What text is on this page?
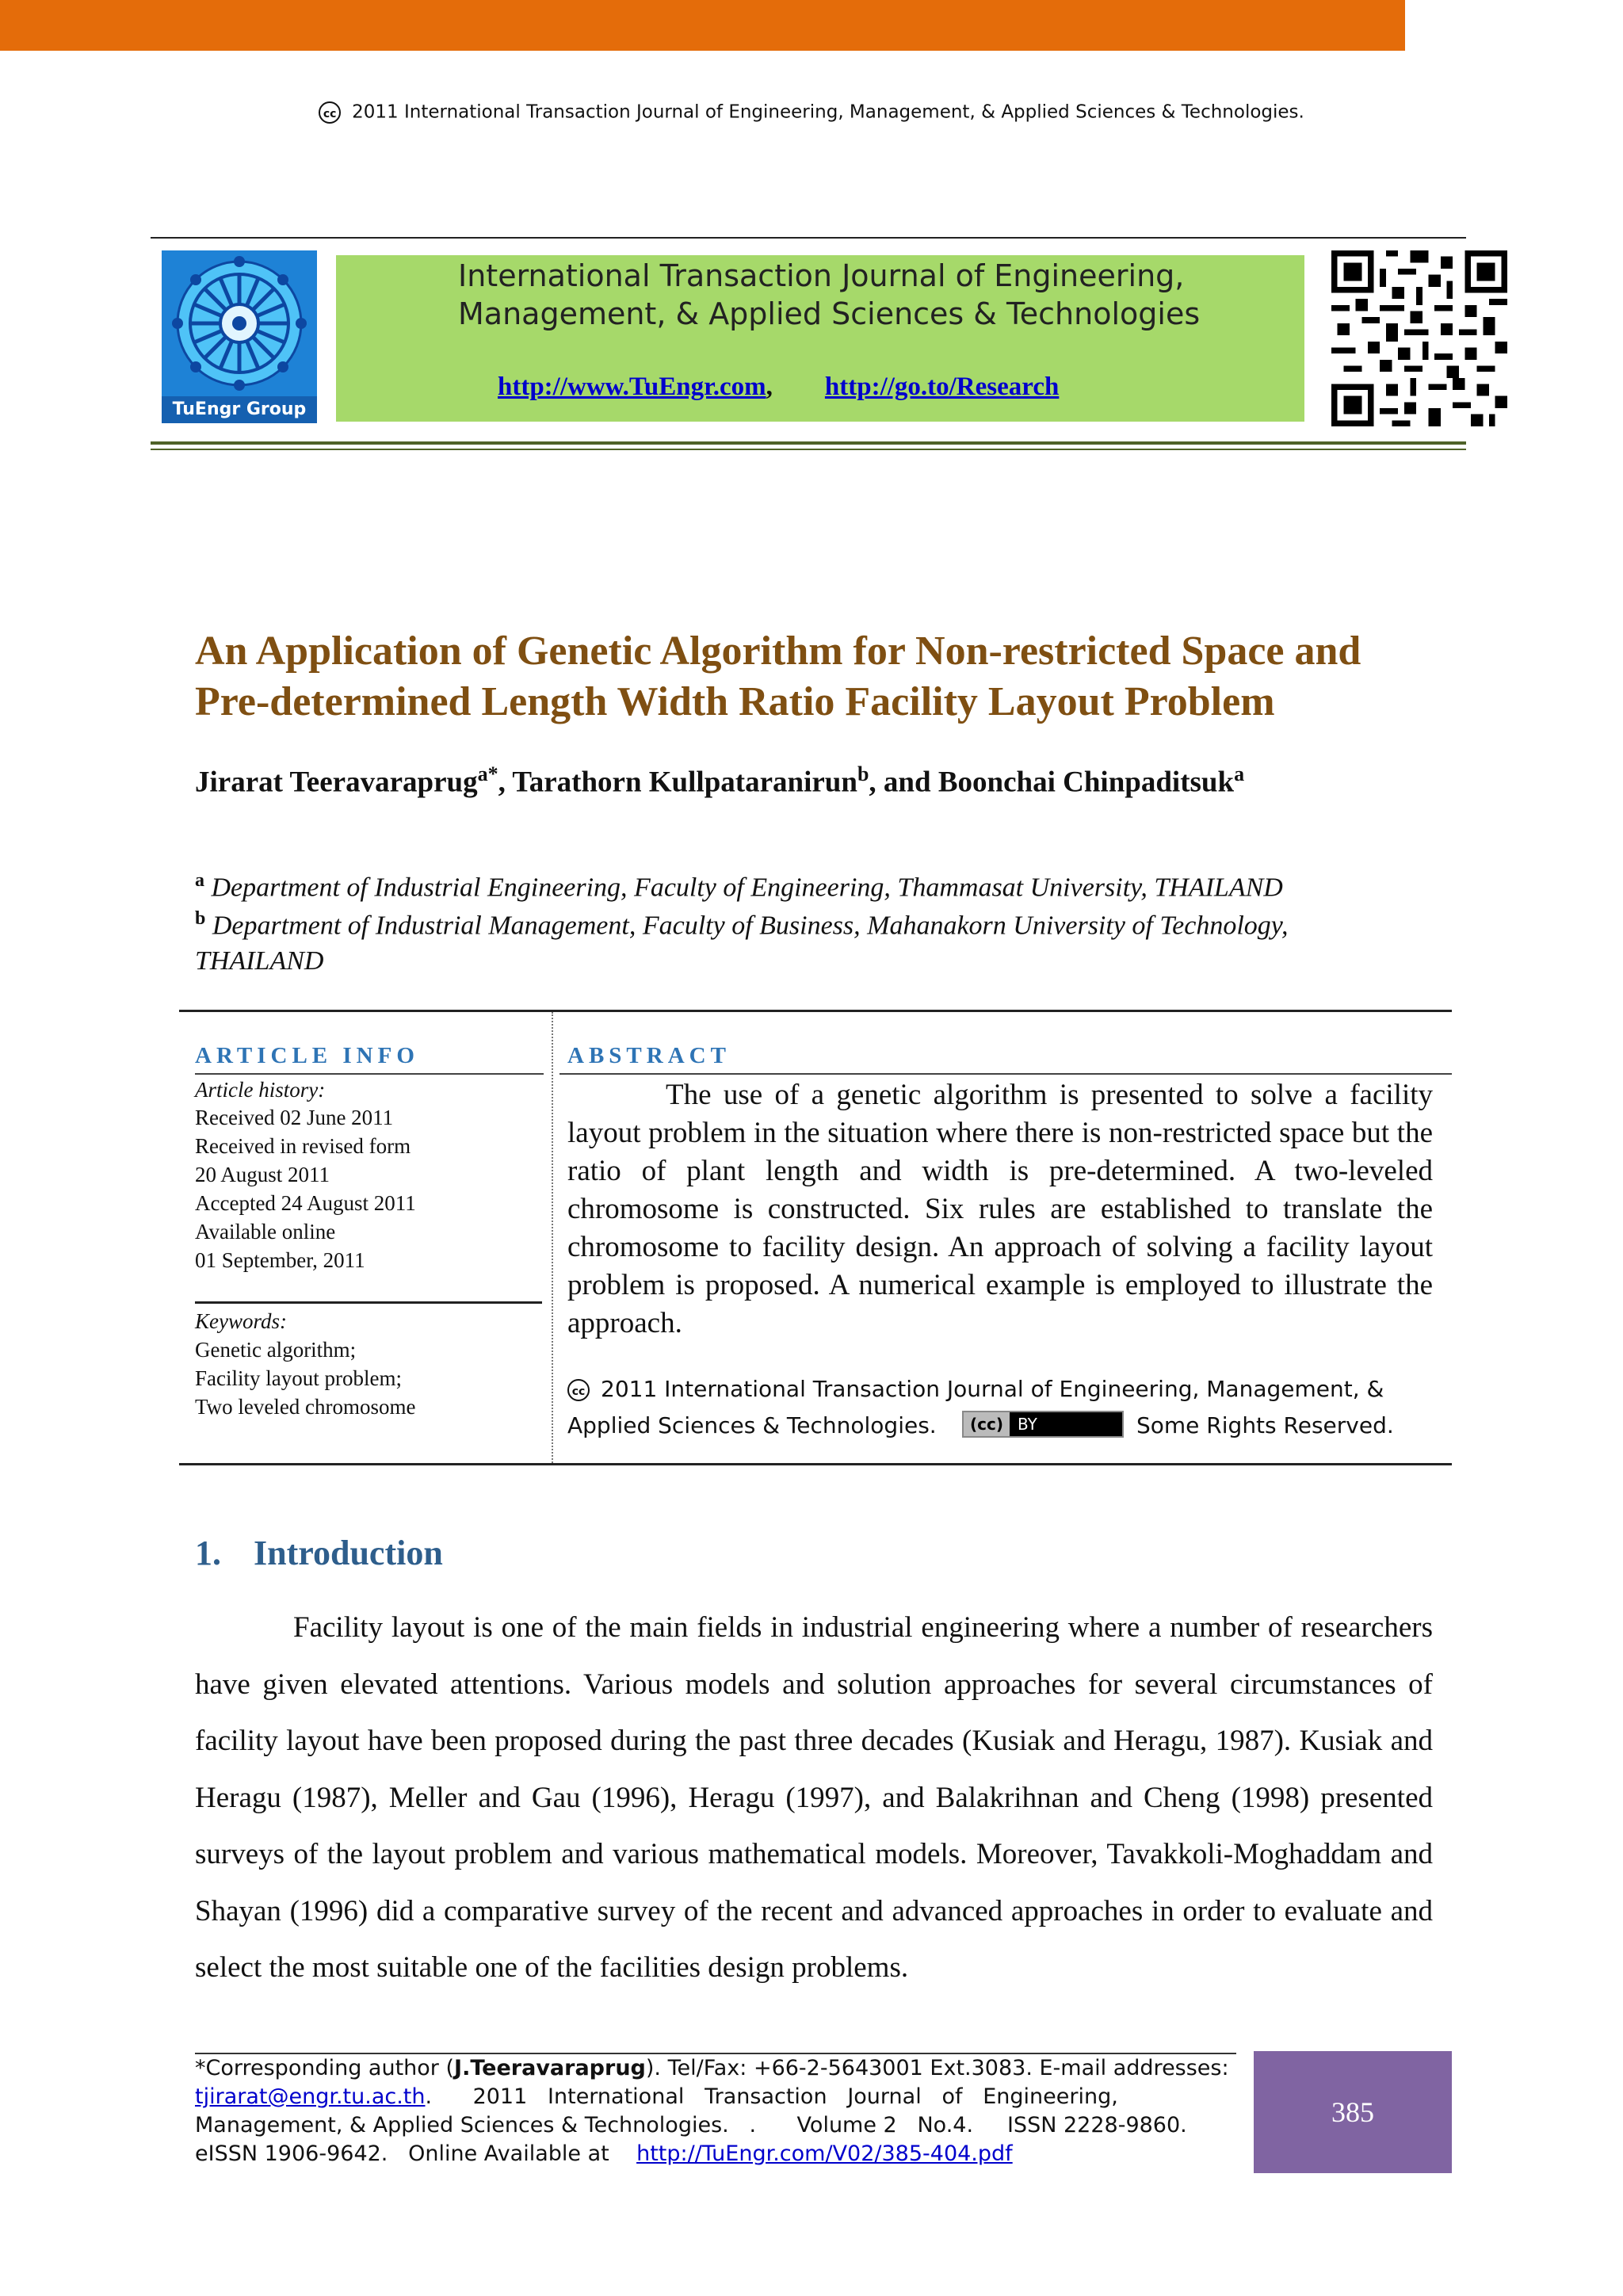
cc 2011 International Transaction Journal of Engineering, Management, & Applied Sciences & Technologies.
TuEngr Group
International Transaction Journal of Engineering,
Management, & Applied Sciences & Technologies
http://www.TuEngr.com, http://go.to/Research
An Application of Genetic Algorithm for Non-restricted Space and
Pre-determined Length Width Ratio Facility Layout Problem
Jirarat Teeravaraprug$^{a*}$, Tarathorn Kullpataranirun$^b$, and Boonchai Chinpaditsuk$^a$
$^a$ Department of Industrial Engineering, Faculty of Engineering, Thammasat University, THAILAND
$^b$ Department of Industrial Management, Faculty of Business, Mahanakorn University of Technology,
THAILAND
ARTICLE INFO	ABSTRACT
Article history:
Received 02 June 2011
Received in revised form
20 August 2011
Accepted 24 August 2011
Available online
01 September, 2011
Keywords:
Genetic algorithm;
Facility layout problem;
Two leveled chromosome

The use of a genetic algorithm is presented to solve a facility layout problem in the situation where there is non-restricted space but the ratio of plant length and width is pre-determined. A two-leveled chromosome is constructed. Six rules are established to translate the chromosome to facility design. An approach of solving a facility layout problem is proposed. A numerical example is employed to illustrate the approach.

cc 2011 International Transaction Journal of Engineering, Management, &
Applied Sciences & Technologies.	(cc) BY	Some Rights Reserved.
1. Introduction

Facility layout is one of the main fields in industrial engineering where a number of researchers have given elevated attentions. Various models and solution approaches for several circumstances of facility layout have been proposed during the past three decades (Kusiak and Heragu, 1987). Kusiak and Heragu (1987), Meller and Gau (1996), Heragu (1997), and Balakrihnan and Cheng (1998) presented surveys of the layout problem and various mathematical models. Moreover, Tavakkoli-Moghaddam and Shayan (1996) did a comparative survey of the recent and advanced approaches in order to evaluate and select the most suitable one of the facilities design problems.

*Corresponding author (J.Teeravaraprug). Tel/Fax: +66-2-5643001 Ext.3083. E-mail addresses:
tjirarat@engr.tu.ac.th.      2011   International   Transaction   Journal   of   Engineering,
Management, & Applied Sciences & Technologies.   .      Volume 2   No.4.     ISSN 2228-9860.
eISSN 1906-9642.   Online Available at http://TuEngr.com/V02/385-404.pdf
385
